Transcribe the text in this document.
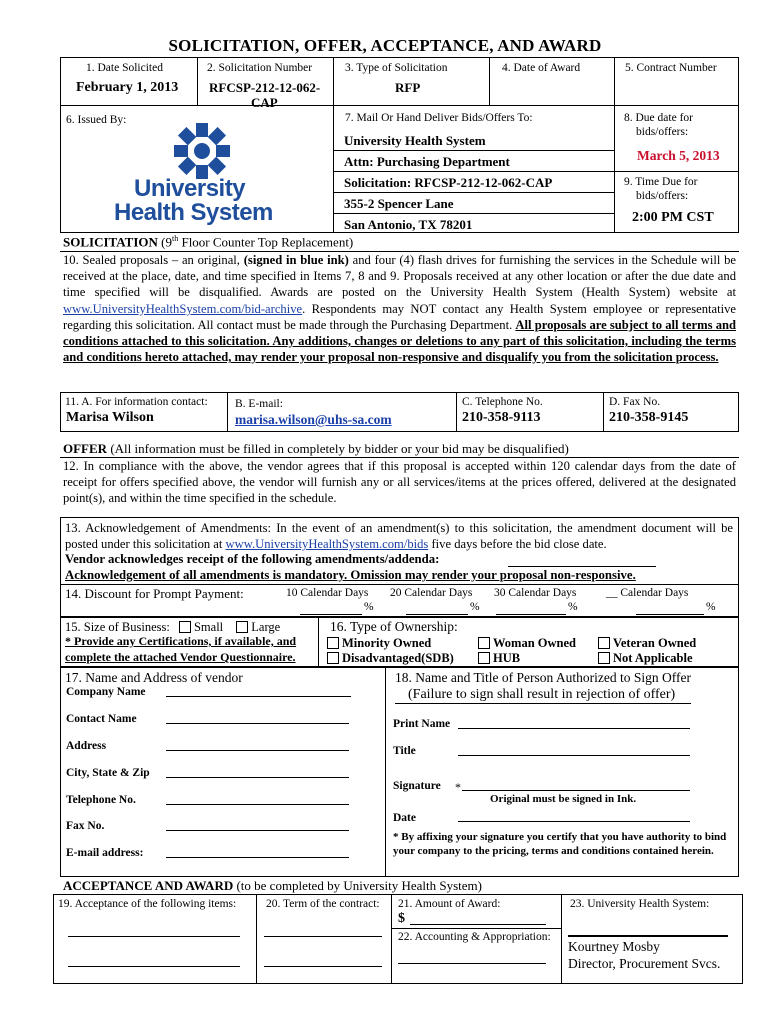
SOLICITATION, OFFER, ACCEPTANCE, AND AWARD
1. Date Solicited
February 1, 2013
2. Solicitation Number
RFCSP-212-12-062-
CAP
3. Type of Solicitation
RFP
4. Date of Award	5. Contract Number
6. Issued By:
University
Health System
7. Mail Or Hand Deliver Bids/Offers To:
University Health System
Attn: Purchasing Department
Solicitation: RFCSP-212-12-062-CAP
355-2 Spencer Lane
San Antonio, TX 78201
8. Due date for
bids/offers:
March 5, 2013
9. Time Due for
bids/offers:
2:00 PM CST
SOLICITATION (9th Floor Counter Top Replacement)
10. Sealed proposals – an original, (signed in blue ink) and four (4) flash drives for furnishing the services in the Schedule will be received at the place, date, and time specified in Items 7, 8 and 9. Proposals received at any other location or after the due date and time specified will be disqualified. Awards are posted on the University Health System (Health System) website at www.UniversityHealthSystem.com/bid-archive. Respondents may NOT contact any Health System employee or representative regarding this solicitation. All contact must be made through the Purchasing Department. All proposals are subject to all terms and conditions attached to this solicitation. Any additions, changes or deletions to any part of this solicitation, including the terms and conditions hereto attached, may render your proposal non-responsive and disqualify you from the solicitation process.
11. A. For information contact:
Marisa Wilson
B. E-mail:
marisa.wilson@uhs-sa.com
C. Telephone No.
210-358-9113
D. Fax No.
210-358-9145
OFFER (All information must be filled in completely by bidder or your bid may be disqualified)
12. In compliance with the above, the vendor agrees that if this proposal is accepted within 120 calendar days from the date of receipt for offers specified above, the vendor will furnish any or all services/items at the prices offered, delivered at the designated point(s), and within the time specified in the schedule.
13. Acknowledgement of Amendments: In the event of an amendment(s) to this solicitation, the amendment document will be posted under this solicitation at www.UniversityHealthSystem.com/bids five days before the bid close date.
Vendor acknowledges receipt of the following amendments/addenda:
Acknowledgement of all amendments is mandatory. Omission may render your proposal non-responsive.
14. Discount for Prompt Payment:	10 Calendar Days 20 Calendar Days 30 Calendar Days	__ Calendar Days
%	%	%	%
15. Size of Business: Small Large
* Provide any Certifications, if available, and
complete the attached Vendor Questionnaire.
16. Type of Ownership:
Minority Owned	Woman Owned	Veteran Owned
Disadvantaged(SDB)	HUB	Not Applicable
17. Name and Address of vendor
Company Name
Contact Name
Address
City, State & Zip
Telephone No.
Fax No.
E-mail address:
18. Name and Title of Person Authorized to Sign Offer
(Failure to sign shall result in rejection of offer)
Print Name
Title
Signature *
Original must be signed in Ink.
Date
* By affixing your signature you certify that you have authority to bind
your company to the pricing, terms and conditions contained herein.
ACCEPTANCE AND AWARD (to be completed by University Health System)
19. Acceptance of the following items:	20. Term of the contract: 21. Amount of Award:
$
22. Accounting & Appropriation:
23. University Health System:
Kourtney Mosby
Director, Procurement Svcs.
